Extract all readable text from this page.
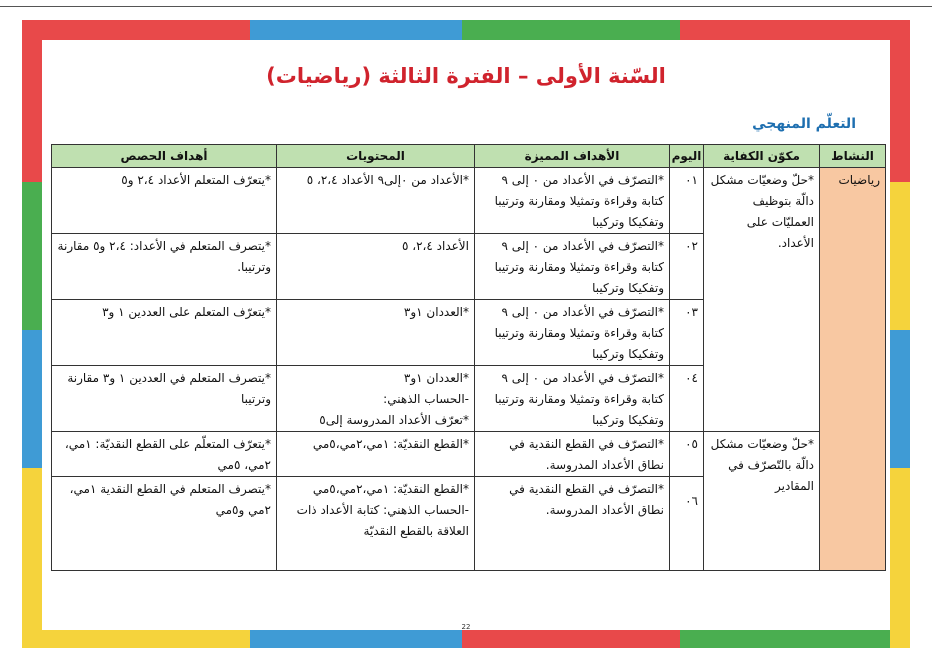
السّنة الأولى – الفترة الثالثة (رياضيات)
التعلّم المنهجي
النشاط	مكوّن الكفاية	اليوم	الأهداف المميزة	المحتويات	أهداف الحصص
رياضيات	*حلّ وضعيّات مشكل دالّة بتوظيف العمليّات على الأعداد.	٠١	*التصرّف في الأعداد من ٠ إلى ٩ كتابة وقراءة وتمثيلا ومقارنة وترتيبا وتفكيكا وتركيبا	*الأعداد من ٠إلى٩ الأعداد ٢،٤، ٥	*يتعرّف المتعلم الأعداد ٢،٤ و٥
		٠٢	*التصرّف في الأعداد من ٠ إلى ٩ كتابة وقراءة وتمثيلا ومقارنة وترتيبا وتفكيكا وتركيبا	الأعداد ٢،٤، ٥	*يتصرف المتعلم في الأعداد: ٢،٤ و٥ مقارنة وترتيبا.
		٠٣	*التصرّف في الأعداد من ٠ إلى ٩ كتابة وقراءة وتمثيلا ومقارنة وترتيبا وتفكيكا وتركيبا	*العددان ١و٣	*يتعرّف المتعلم على العددين ١ و٣
		٠٤	*التصرّف في الأعداد من ٠ إلى ٩ كتابة وقراءة وتمثيلا ومقارنة وترتيبا وتفكيكا وتركيبا	*العددان ١و٣
-الحساب الذهني:
*تعرّف الأعداد المدروسة إلى٥	*يتصرف المتعلم في العددين ١ و٣ مقارنة وترتيبا
	*حلّ وضعيّات مشكل دالّة بالتّصرّف في المقادير	٠٥	*التصرّف في القطع النقدية في نطاق الأعداد المدروسة.	*القطع النقديّة: ١مي،٢مي،٥مي	*يتعرّف المتعلّم على القطع النقديّة: ١مي، ٢مي، ٥مي
		٠٦	*التصرّف في القطع النقدية في نطاق الأعداد المدروسة.	*القطع النقديّة: ١مي،٢مي،٥مي
-الحساب الذهني: كتابة الأعداد ذات العلاقة بالقطع النقديّة	*يتصرف المتعلم في القطع النقدية ١مي، ٢مي و٥مي
22
